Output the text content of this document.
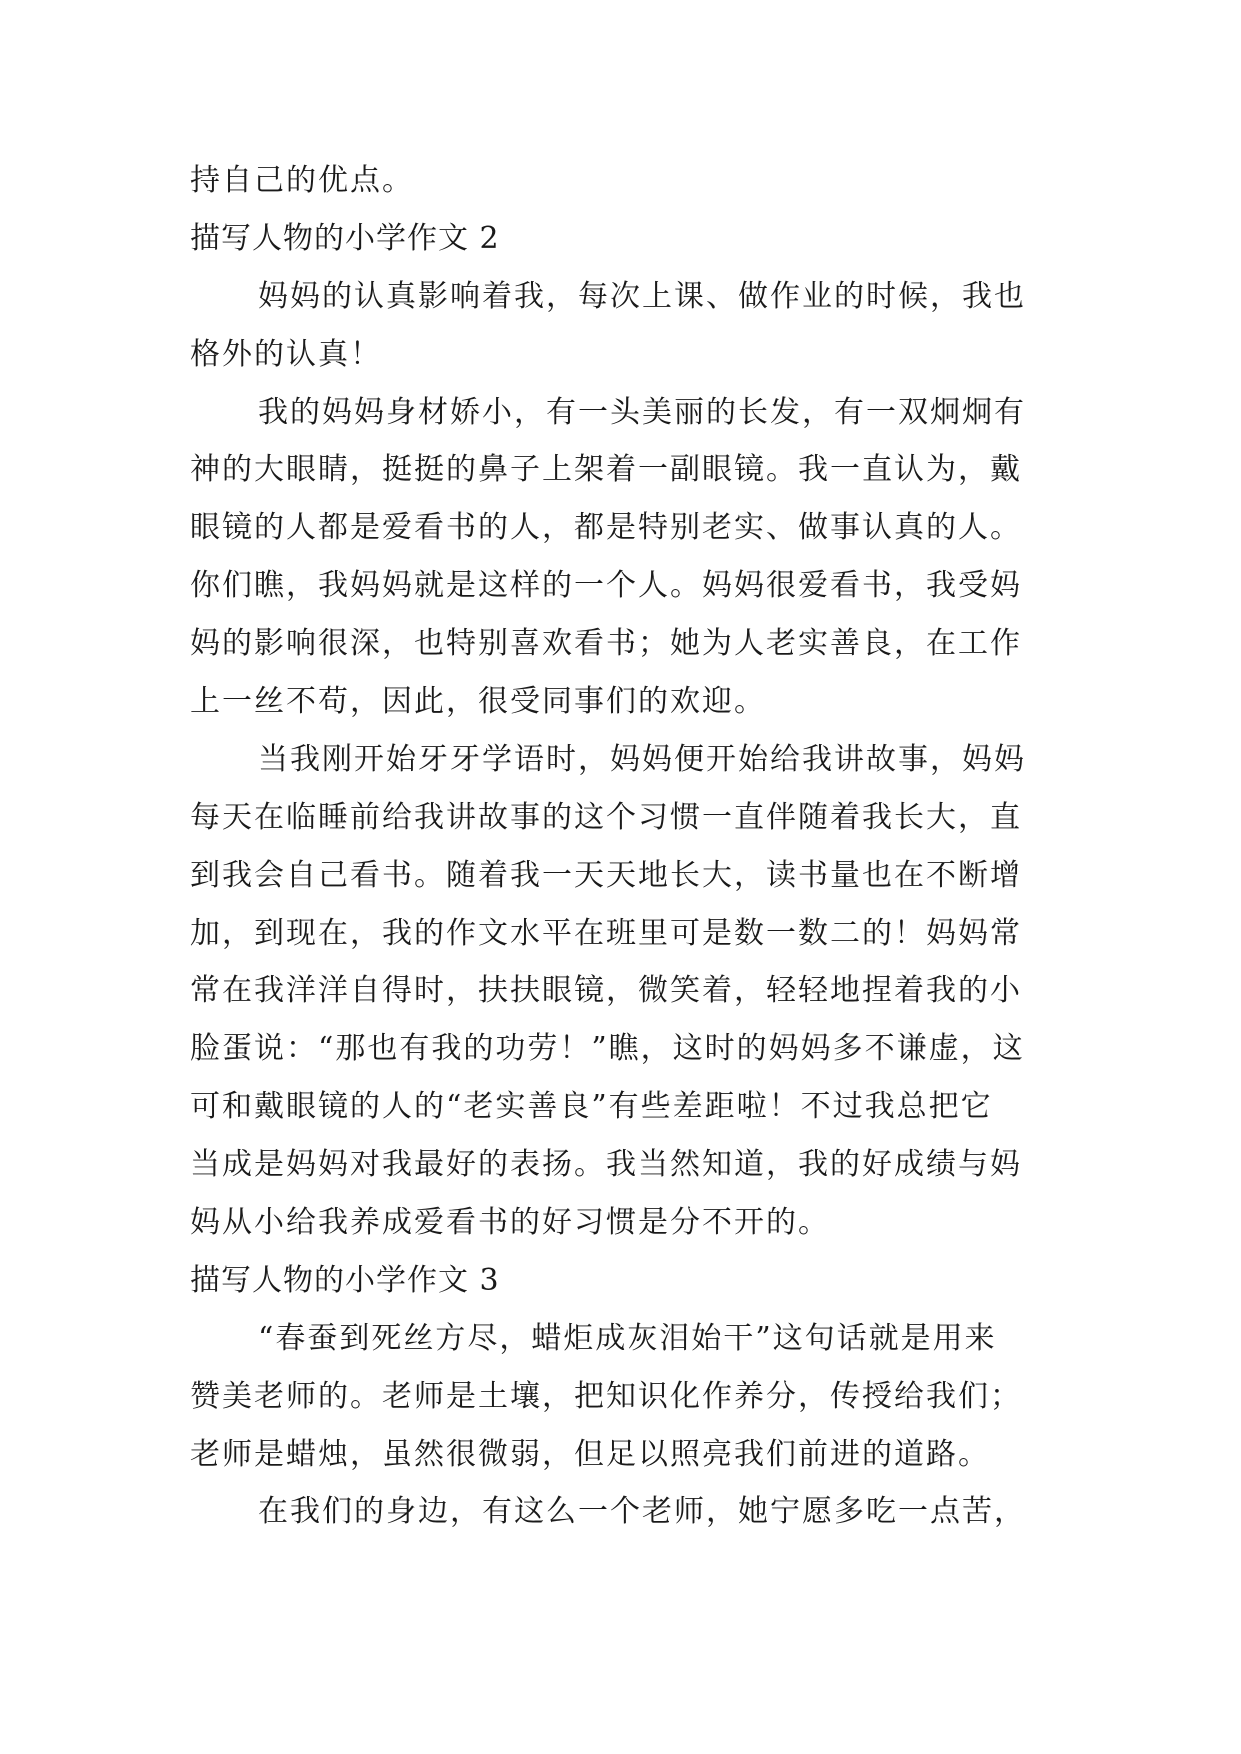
持自己的优点。
描写人物的小学作文 2
妈妈的认真影响着我，每次上课、做作业的时候，我也
格外的认真！
我的妈妈身材娇小，有一头美丽的长发，有一双炯炯有
神的大眼睛，挺挺的鼻子上架着一副眼镜。我一直认为，戴
眼镜的人都是爱看书的人，都是特别老实、做事认真的人。
你们瞧，我妈妈就是这样的一个人。妈妈很爱看书，我受妈
妈的影响很深，也特别喜欢看书；她为人老实善良，在工作
上一丝不苟，因此，很受同事们的欢迎。
当我刚开始牙牙学语时，妈妈便开始给我讲故事，妈妈
每天在临睡前给我讲故事的这个习惯一直伴随着我长大，直
到我会自己看书。随着我一天天地长大，读书量也在不断增
加，到现在，我的作文水平在班里可是数一数二的！妈妈常
常在我洋洋自得时，扶扶眼镜，微笑着，轻轻地捏着我的小
脸蛋说：“那也有我的功劳！”瞧，这时的妈妈多不谦虚，这
可和戴眼镜的人的“老实善良”有些差距啦！不过我总把它
当成是妈妈对我最好的表扬。我当然知道，我的好成绩与妈
妈从小给我养成爱看书的好习惯是分不开的。
描写人物的小学作文 3
“春蚕到死丝方尽，蜡炬成灰泪始干”这句话就是用来
赞美老师的。老师是土壤，把知识化作养分，传授给我们；
老师是蜡烛，虽然很微弱，但足以照亮我们前进的道路。
在我们的身边，有这么一个老师，她宁愿多吃一点苦，
